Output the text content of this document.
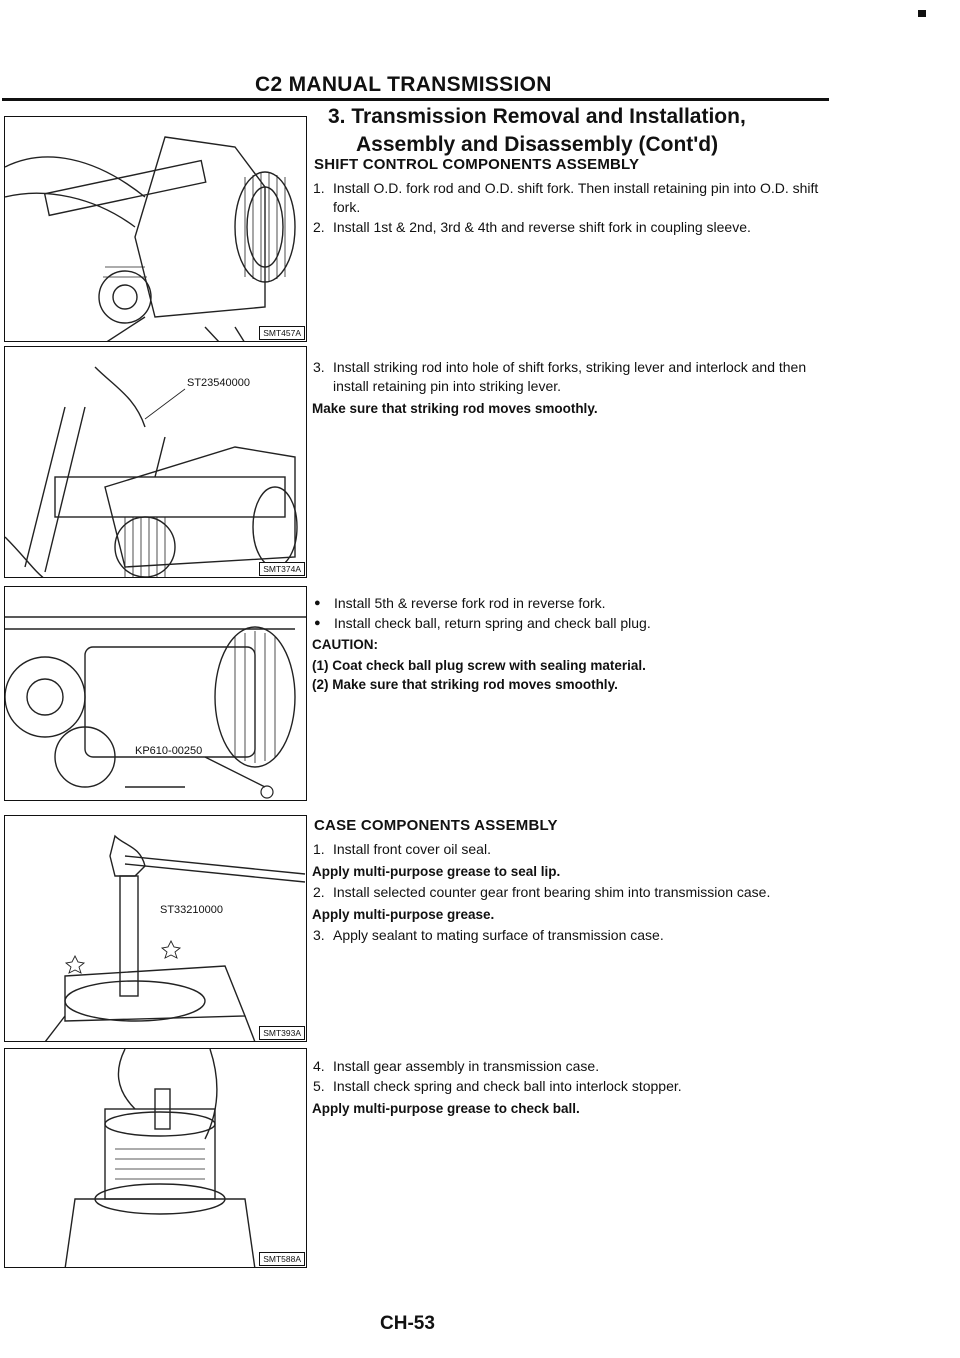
C2 MANUAL TRANSMISSION
3. Transmission Removal and Installation,
Assembly and Disassembly (Cont'd)
SMT457A
ST23540000
SMT374A
KP610-00250
ST33210000
SMT393A
SMT588A
SHIFT CONTROL COMPONENTS ASSEMBLY
1. Install O.D. fork rod and O.D. shift fork. Then install retaining pin into O.D. shift fork.
2. Install 1st & 2nd, 3rd & 4th and reverse shift fork in coupling sleeve.
3. Install striking rod into hole of shift forks, striking lever and interlock and then install retaining pin into striking lever.
Make sure that striking rod moves smoothly.
● Install 5th & reverse fork rod in reverse fork.
● Install check ball, return spring and check ball plug.
CAUTION:
(1) Coat check ball plug screw with sealing material.
(2) Make sure that striking rod moves smoothly.
CASE COMPONENTS ASSEMBLY
1. Install front cover oil seal.
Apply multi-purpose grease to seal lip.
2. Install selected counter gear front bearing shim into transmission case.
Apply multi-purpose grease.
3. Apply sealant to mating surface of transmission case.
4. Install gear assembly in transmission case.
5. Install check spring and check ball into interlock stopper.
Apply multi-purpose grease to check ball.
CH-53
